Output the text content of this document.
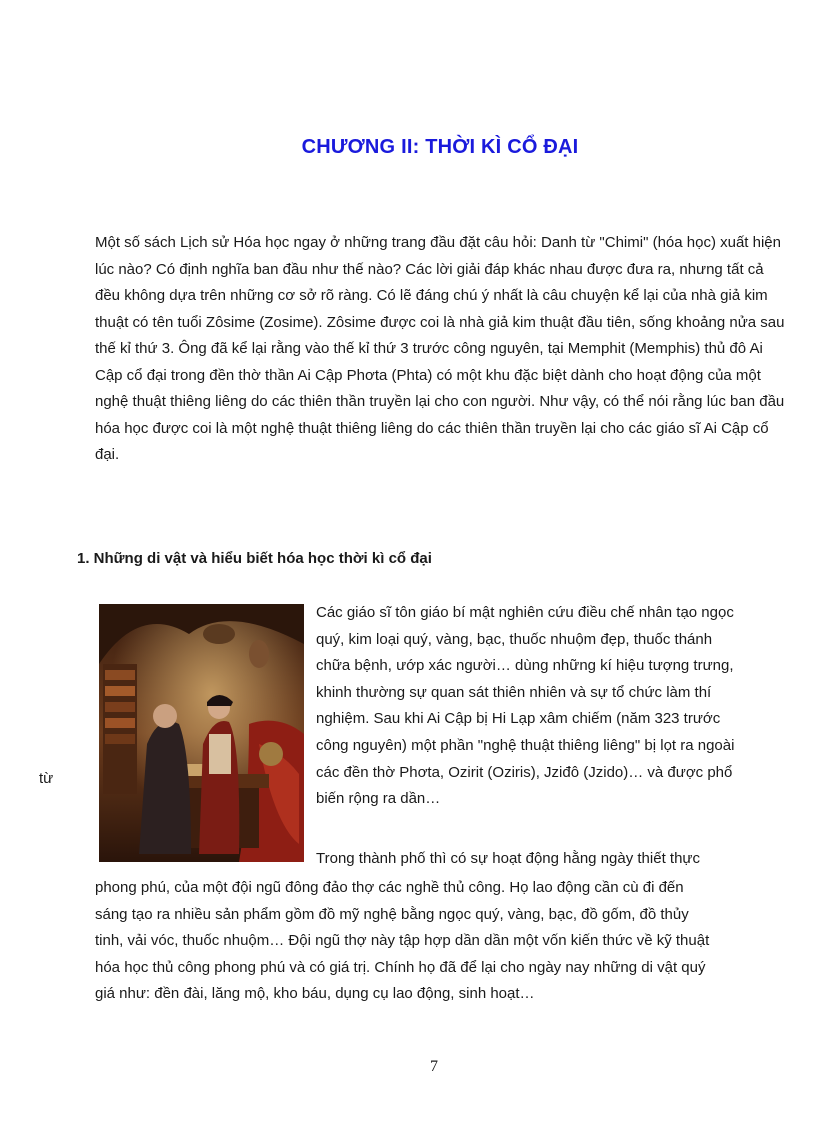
CHƯƠNG II: THỜI KÌ CỔ ĐẠI

Một số sách Lịch sử Hóa học ngay ở những trang đầu đặt câu hỏi: Danh từ "Chimi" (hóa học) xuất hiện lúc nào? Có định nghĩa ban đầu như thế nào? Các lời giải đáp khác nhau được đưa ra, nhưng tất cả đều không dựa trên những cơ sở rõ ràng. Có lẽ đáng chú ý nhất là câu chuyện kể lại của nhà giả kim thuật có tên tuổi Zôsime (Zosime). Zôsime được coi là nhà giả kim thuật đầu tiên, sống khoảng nửa sau thế kỉ thứ 3. Ông đã kể lại rằng vào thế kỉ thứ 3 trước công nguyên, tại Memphit (Memphis) thủ đô Ai Cập cổ đại trong đền thờ thần Ai Cập Phơta (Phta) có một khu đặc biệt dành cho hoạt động của một nghệ thuật thiêng liêng do các thiên thần truyền lại cho con người. Như vậy, có thể nói rằng lúc ban đầu hóa học được coi là một nghệ thuật thiêng liêng do các thiên thần truyền lại cho các giáo sĩ Ai Cập cổ đại.

1. Những di vật và hiểu biết hóa học thời kì cổ đại

Các giáo sĩ tôn giáo bí mật nghiên cứu điều chế nhân tạo ngọc
quý, kim loại quý, vàng, bạc, thuốc nhuộm đẹp, thuốc thánh
chữa bệnh, ướp xác người… dùng những kí hiệu tượng trưng,
khinh thường sự quan sát thiên nhiên và sự tổ chức làm thí
nghiệm. Sau khi Ai Cập bị Hi Lạp xâm chiếm (năm 323 trước
công nguyên) một phần "nghệ thuật thiêng liêng" bị lọt ra ngoài
các đền thờ Phơta, Ozirit (Oziris), Jziđô (Jzido)… và được phổ
biến rộng ra dần…
từ
Trong thành phố thì có sự hoạt động hằng ngày thiết thực
phong phú, của một đội ngũ đông đảo thợ các nghề thủ công. Họ lao động cần cù đi đến
sáng tạo ra nhiều sản phẩm gồm đồ mỹ nghệ bằng ngọc quý, vàng, bạc, đồ gốm, đồ thủy
tinh, vải vóc, thuốc nhuộm… Đội ngũ thợ này tập hợp dần dần một vốn kiến thức về kỹ thuật
hóa học thủ công phong phú và có giá trị. Chính họ đã để lại cho ngày nay những di vật quý
giá như: đền đài, lăng mộ, kho báu, dụng cụ lao động, sinh hoạt…
7
